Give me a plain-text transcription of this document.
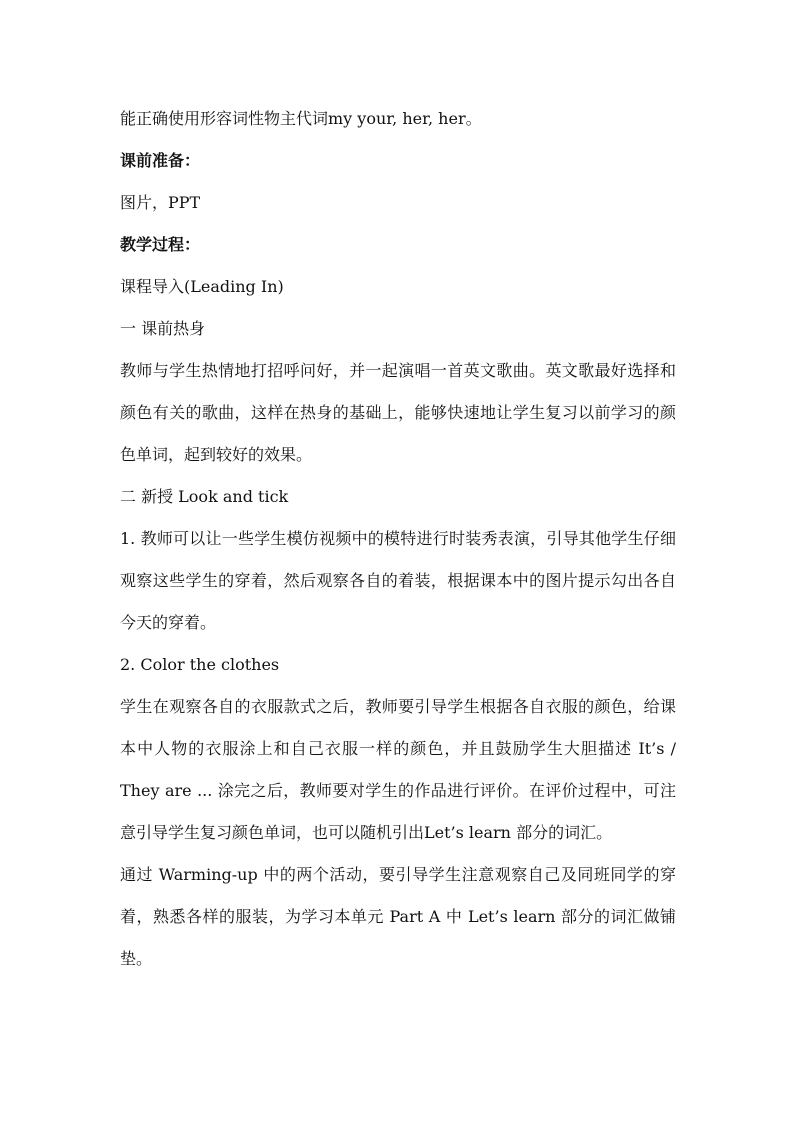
能正确使用形容词性物主代词my your, her, her。

课前准备：

图片，PPT

教学过程：

课程导入(Leading In)

一 课前热身

教师与学生热情地打招呼问好，并一起演唱一首英文歌曲。英文歌最好选择和颜色有关的歌曲，这样在热身的基础上，能够快速地让学生复习以前学习的颜色单词，起到较好的效果。

二 新授 Look and tick

1. 教师可以让一些学生模仿视频中的模特进行时装秀表演，引导其他学生仔细观察这些学生的穿着，然后观察各自的着装，根据课本中的图片提示勾出各自今天的穿着。

2. Color the clothes

学生在观察各自的衣服款式之后，教师要引导学生根据各自衣服的颜色，给课本中人物的衣服涂上和自己衣服一样的颜色，并且鼓励学生大胆描述 It’s / They are ... 涂完之后，教师要对学生的作品进行评价。在评价过程中，可注意引导学生复习颜色单词，也可以随机引出Let’s learn 部分的词汇。

通过 Warming-up 中的两个活动，要引导学生注意观察自己及同班同学的穿着，熟悉各样的服装，为学习本单元 Part A 中 Let’s learn 部分的词汇做铺垫。
